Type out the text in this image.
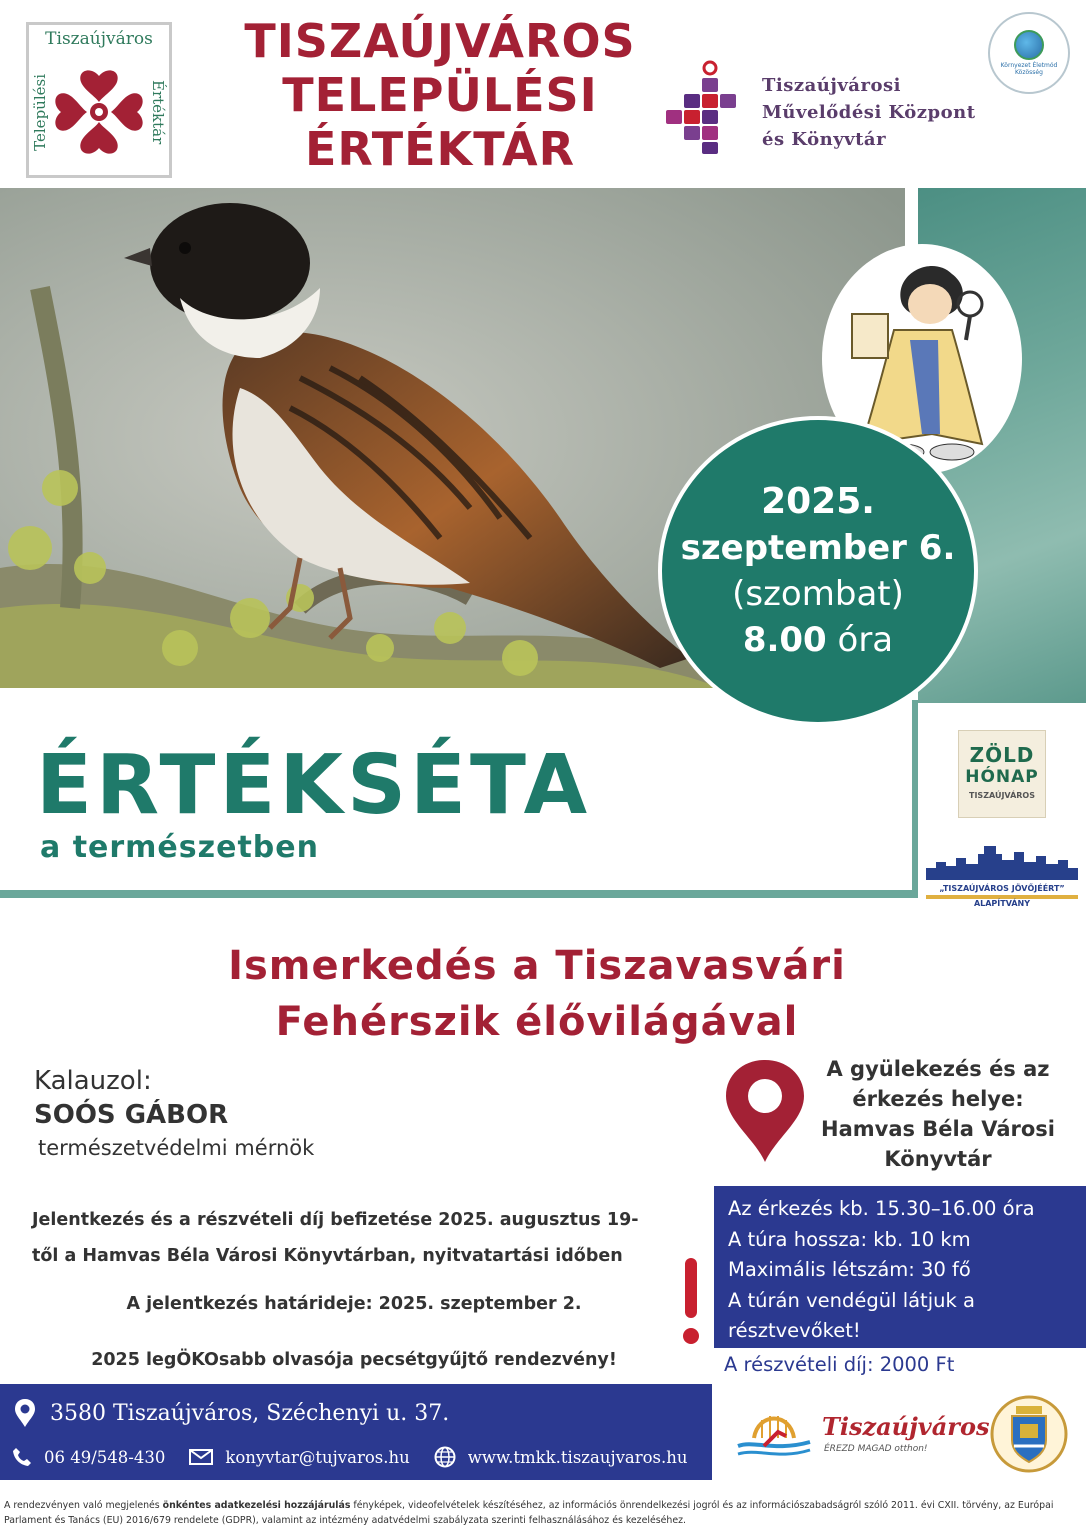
Tiszaújváros
Települési	Értéktár
TISZAÚJVÁROS
TELEPÜLÉSI
ÉRTÉKTÁR
Tiszaújvárosi
Művelődési Központ
és Könyvtár
Környezet Életmód Közösség
2025.
szeptember 6.
(szombat)
8.00 óra
ÉRTÉKSÉTA
a természetben
ZÖLD
HÓNAP
TISZAÚJVÁROS
„TISZAÚJVÁROS JÖVŐJÉÉRT”
ALAPÍTVÁNY
Ismerkedés a Tiszavasvári
Fehérszik élővilágával
Kalauzol:
SOÓS GÁBOR
természetvédelmi mérnök
A gyülekezés és az
érkezés helye:
Hamvas Béla Városi
Könyvtár
Jelentkezés és a részvételi díj befizetése 2025. augusztus 19-
től a Hamvas Béla Városi Könyvtárban, nyitvatartási időben
A jelentkezés határideje: 2025. szeptember 2.
2025 legÖKOsabb olvasója pecsétgyűjtő rendezvény!
Az érkezés kb. 15.30–16.00 óra
A túra hossza: kb. 10 km
Maximális létszám: 30 fő
A túrán vendégül látjuk a
résztvevőket!
A részvételi díj: 2000 Ft
3580 Tiszaújváros, Széchenyi u. 37.
06 49/548-430	konyvtar@tujvaros.hu	www.tmkk.tiszaujvaros.hu
Tiszaújváros
ÉREZD MAGAD otthon!
A rendezvényen való megjelenés önkéntes adatkezelési hozzájárulás fényképek, videofelvételek készítéséhez, az információs önrendelkezési jogról és az információszabadságról szóló 2011. évi CXII. törvény, az Európai Parlament és Tanács (EU) 2016/679 rendelete (GDPR), valamint az intézmény adatvédelmi szabályzata szerinti felhasználásához és kezeléséhez.
